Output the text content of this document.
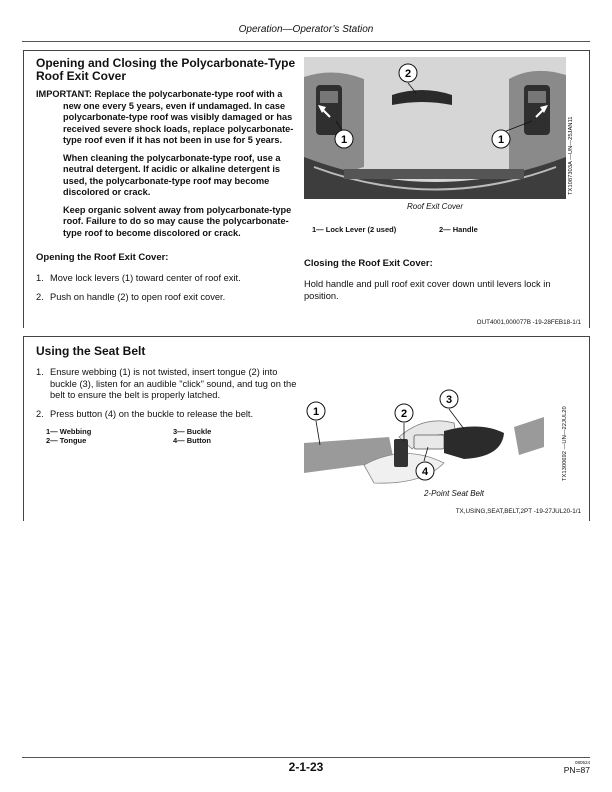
Operation—Operator’s Station
Opening and Closing the Polycarbonate-Type Roof Exit Cover
IMPORTANT: Replace the polycarbonate-type roof with a new one every 5 years, even if undamaged. In case polycarbonate-type roof was visibly damaged or has received severe shock loads, replace polycarbonate-type roof even if it has not been in use for 5 years.
When cleaning the polycarbonate-type roof, use a neutral detergent. If acidic or alkaline detergent is used, the polycarbonate-type roof may become discolored or crack.
Keep organic solvent away from polycarbonate-type roof. Failure to do so may cause the polycarbonate-type roof to become discolored or crack.
Opening the Roof Exit Cover:
1. Move lock levers (1) toward center of roof exit.
2. Push on handle (2) to open roof exit cover.
2
1	1	TX1087303A —UN—25JAN11
Roof Exit Cover
1— Lock Lever (2 used)	2— Handle
Closing the Roof Exit Cover:
Hold handle and pull roof exit cover down until levers lock in position.
OUT4001,000077B -19-28FEB18-1/1
Using the Seat Belt
1. Ensure webbing (1) is not twisted, insert tongue (2) into buckle (3), listen for an audible "click" sound, and tug on the belt to ensure the belt is properly latched.
2. Press button (4) on the buckle to release the belt.
1— Webbing	3— Buckle
2— Tongue	4— Button
1	2
3
4	TX1300692 —UN—22JUL20
2-Point Seat Belt
TX,USING,SEAT,BELT,2PT -19-27JUL20-1/1
2-1-23	080524
PN=87
